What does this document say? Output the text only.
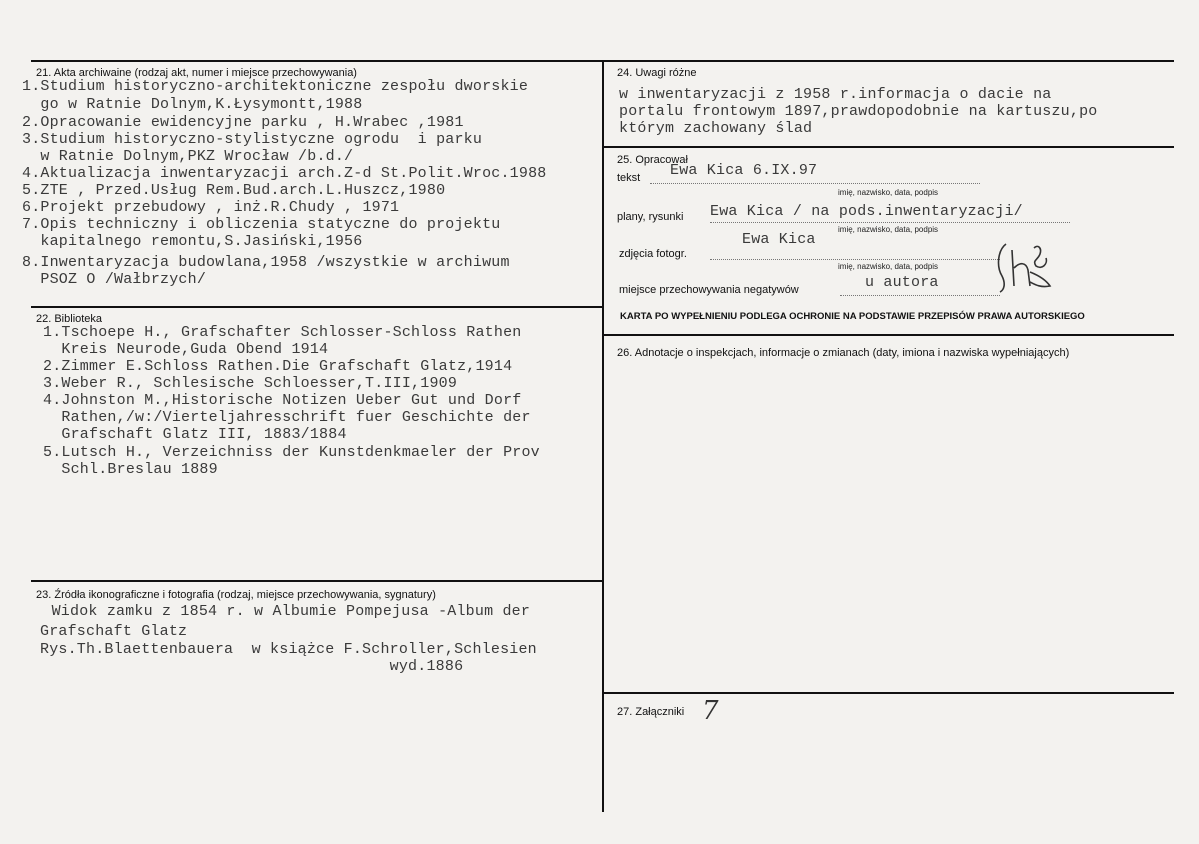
21. Akta archiwaine (rodzaj akt, numer i miejsce przechowywania)
1.Studium historyczno-architektoniczne zespołu dworskie
go w Ratnie Dolnym,K.Łysymontt,1988
2.Opracowanie ewidencyjne parku , H.Wrabec ,1981
3.Studium historyczno-stylistyczne ogrodu  i parku
w Ratnie Dolnym,PKZ Wrocław /b.d./
4.Aktualizacja inwentaryzacji arch.Z-d St.Polit.Wroc.1988
5.ZTE , Przed.Usług Rem.Bud.arch.L.Huszcz,1980
6.Projekt przebudowy , inż.R.Chudy , 1971
7.Opis techniczny i obliczenia statyczne do projektu
kapitalnego remontu,S.Jasiński,1956
8.Inwentaryzacja budowlana,1958 /wszystkie w archiwum
PSOZ O /Wałbrzych/
22. Biblioteka
1.Tschoepe H., Grafschafter Schlosser-Schloss Rathen
Kreis Neurode,Guda Obend 1914
2.Zimmer E.Schloss Rathen.Die Grafschaft Glatz,1914
3.Weber R., Schlesische Schloesser,T.III,1909
4.Johnston M.,Historische Notizen Ueber Gut und Dorf
Rathen,/w:/Vierteljahresschrift fuer Geschichte der
Grafschaft Glatz III, 1883/1884
5.Lutsch H., Verzeichniss der Kunstdenkmaeler der Prov
Schl.Breslau 1889
23. Źródła ikonograficzne i fotografia (rodzaj, miejsce przechowywania, sygnatury)
Widok zamku z 1854 r. w Albumie Pompejusa -Album der
Grafschaft Glatz
Rys.Th.Blaettenbauera  w książce F.Schroller,Schlesien
wyd.1886
24. Uwagi różne
w inwentaryzacji z 1958 r.informacja o dacie na
portalu frontowym 1897,prawdopodobnie na kartuszu,po
którym zachowany ślad
25. Opracował
tekst Ewa Kica 6.IX.97
imię, nazwisko, data, podpis
plany, rysunki Ewa Kica / na pods.inwentaryzacji/
imię, nazwisko, data, podpis
Ewa Kica
zdjęcia fotogr.
imię, nazwisko, data, podpis
miejsce przechowywania negatywów	u autora
KARTA PO WYPEŁNIENIU PODLEGA OCHRONIE NA PODSTAWIE PRZEPISÓW PRAWA AUTORSKIEGO
26. Adnotacje o inspekcjach, informacje o zmianach (daty, imiona i nazwiska wypełniających)
27. Załączniki 7
